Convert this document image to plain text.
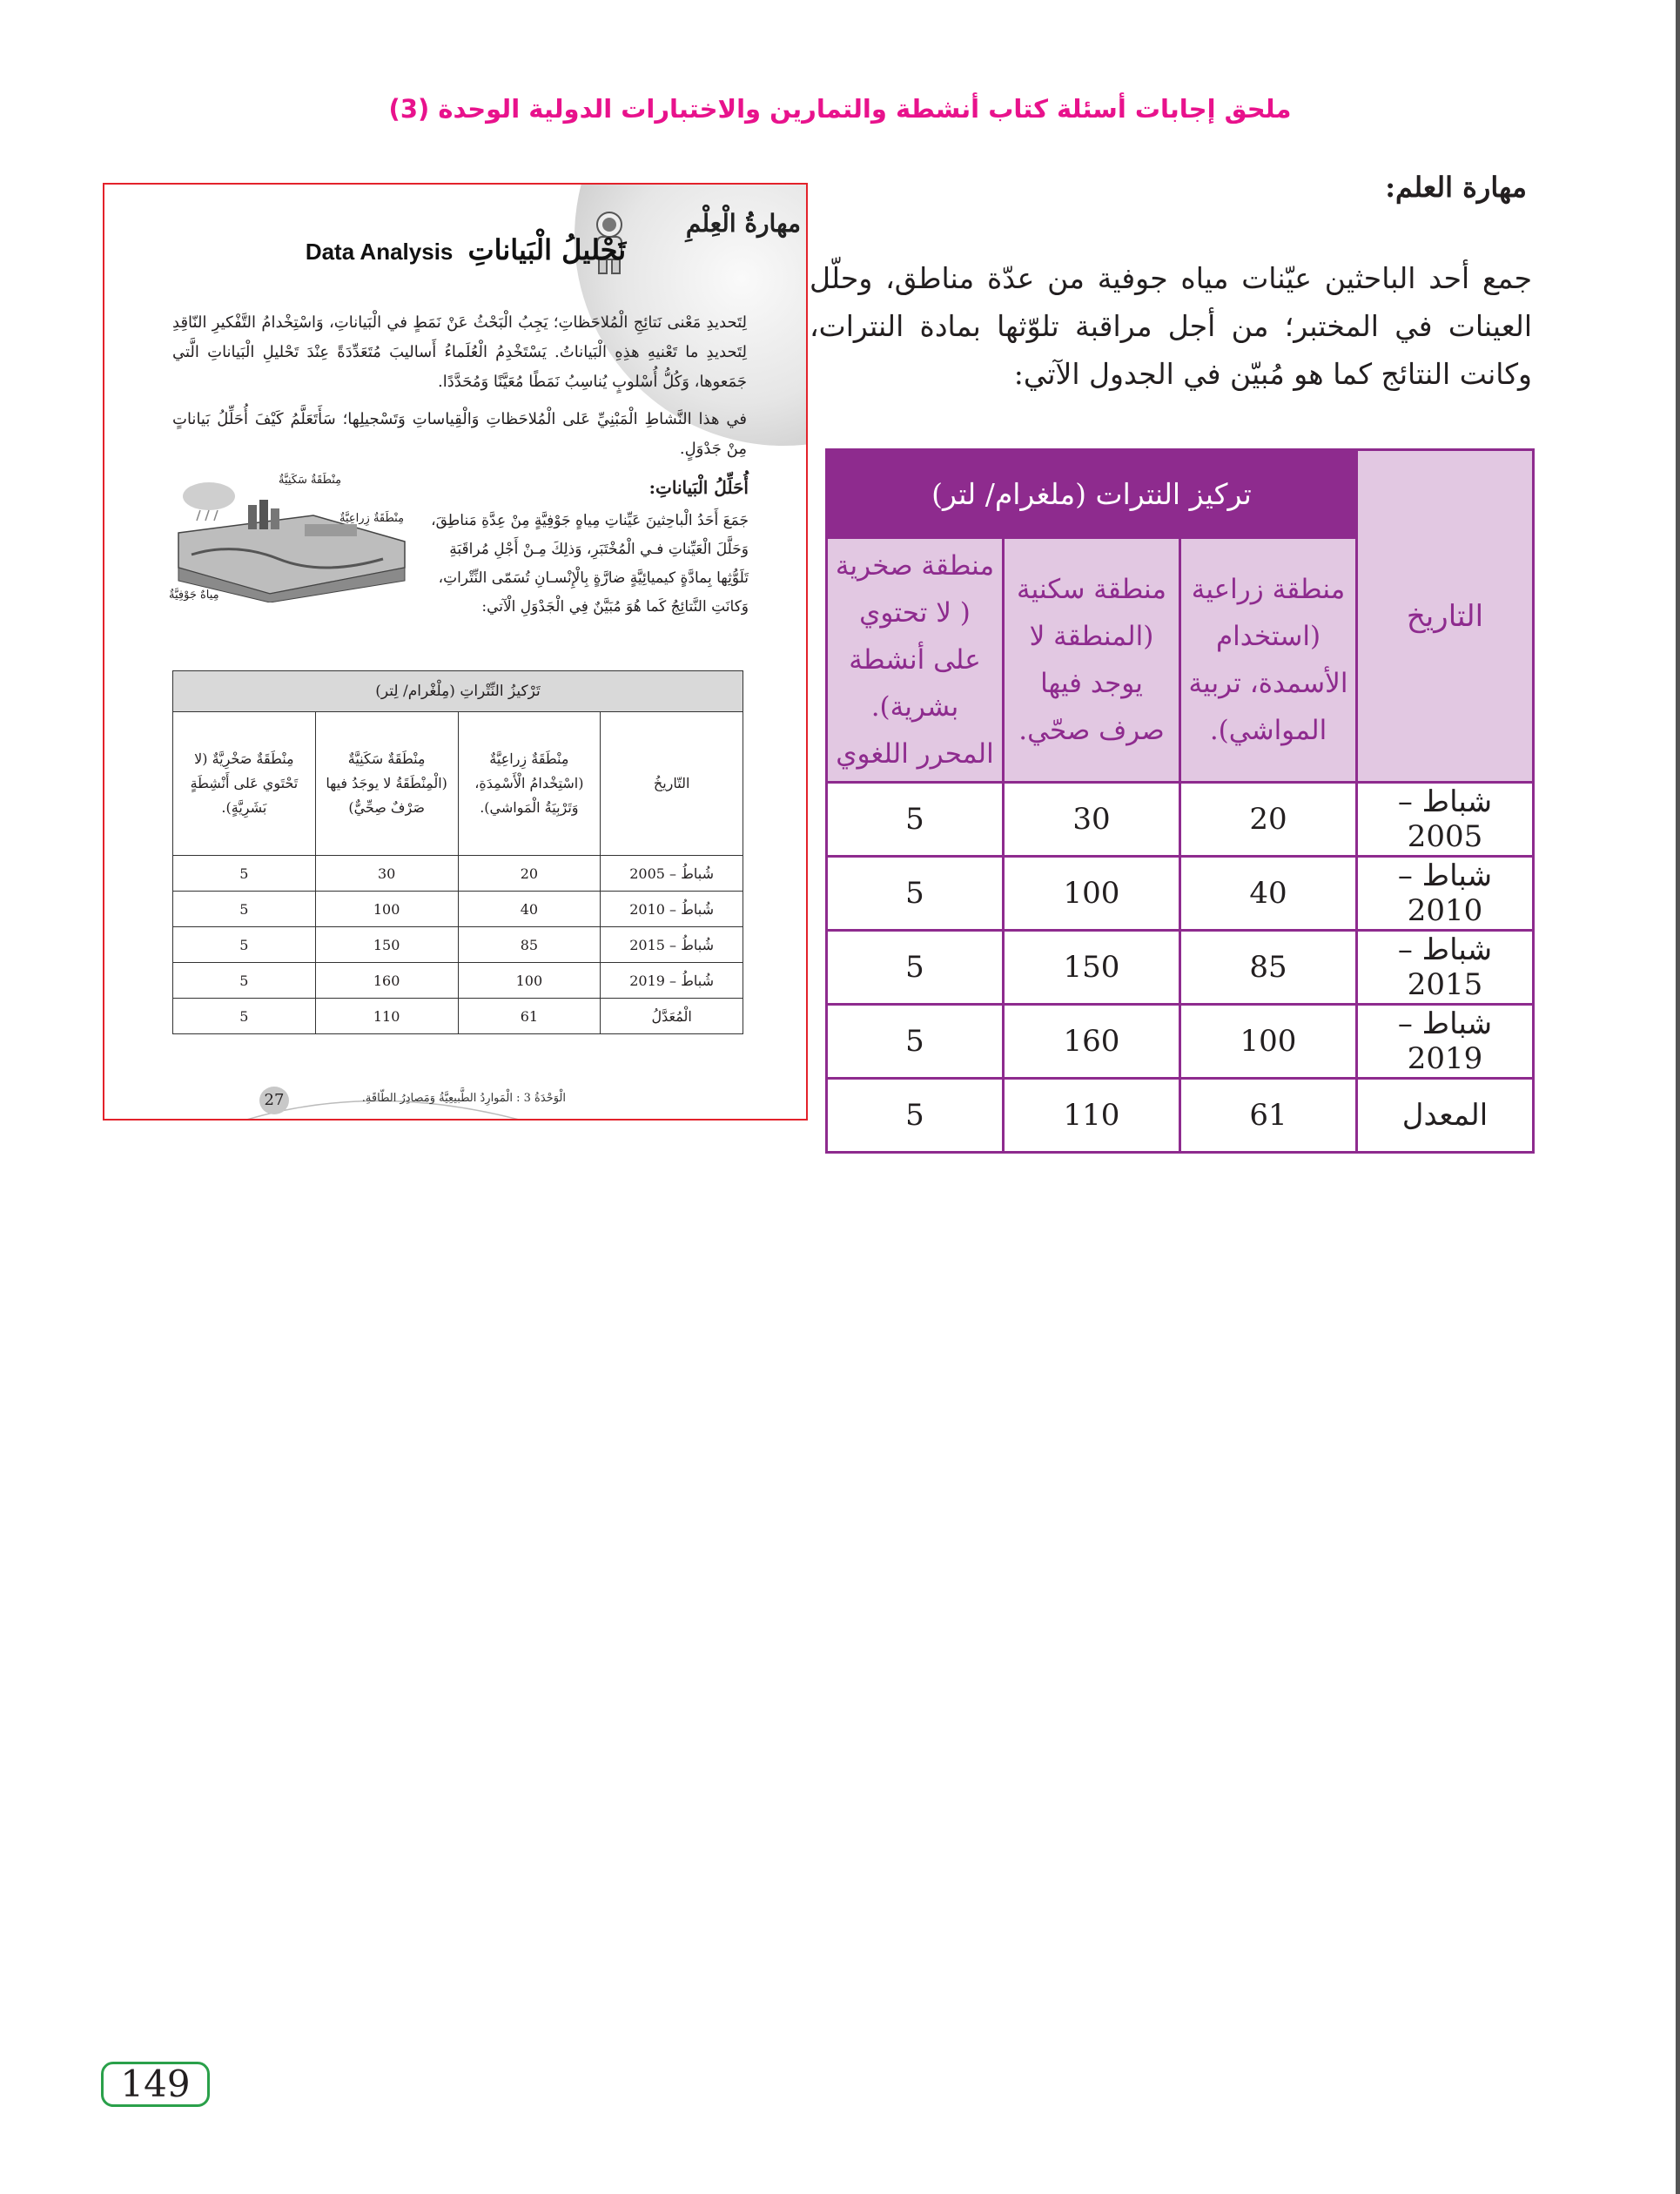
ملحق إجابات أسئلة كتاب أنشطة والتمارين والاختبارات الدولية الوحدة (3)
مهارة العلم:
جمع أحد الباحثين عيّنات مياه جوفية من عدّة مناطق، وحلّل العينات في المختبر؛ من أجل مراقبة تلوّثها بمادة النترات، وكانت النتائج كما هو مُبيّن في الجدول الآتي:
مهارةُ الْعِلْمِ
تَحْليلُ الْبَياناتِ Data Analysis
لِتَحديدِ مَعْنى نَتائِجِ الْمُلاحَظاتِ؛ يَجِبُ الْبَحْثُ عَنْ نَمَطٍ في الْبَياناتِ، وَاسْتِخْدامُ التَّفْكيرِ النّاقِدِ لِتَحديدِ ما تَعْنيهِ هذِهِ الْبَياناتُ. يَسْتَخْدِمُ الْعُلَماءُ أَساليبَ مُتَعَدِّدَةً عِنْدَ تَحْليلِ الْبَياناتِ الَّتي جَمَعوها، وَكُلُّ أُسْلوبٍ يُناسِبُ نَمَطًا مُعَيَّنًا وَمُحَدَّدًا.
في هذا النَّشاطِ الْمَبْنِيِّ عَلى الْمُلاحَظاتِ وَالْقِياساتِ وَتَسْجيلِها؛ سَأَتَعَلَّمُ كَيْفَ أُحَلِّلُ بَياناتٍ مِنْ جَدْوَلٍ.
أُحَلِّلُ الْبَياناتِ:
جَمَعَ أَحَدُ الْباحِثينَ عَيِّناتِ مِياهٍ جَوْفِيَّةٍ مِنْ عِدَّةِ مَناطِقَ، وَحَلَّلَ الْعَيِّناتِ فـي الْمُخْتَبَرِ، وَذلِكَ مِـنْ أَجْلِ مُراقَبَةِ تَلَوُّثِها بِمادَّةٍ كيميائِيَّةٍ ضارَّةٍ بِالْإِنْسـانِ تُسَمّى النِّتْراتِ، وَكانَتِ النَّتائِجُ كَما هُوَ مُبَيَّنٌ فِي الْجَدْوَلِ الْآتي:
مِنْطَقَةٌ سَكَنِيَّةٌ
مِنْطَقَةٌ زِراعِيَّةٌ
مِياهٌ جَوْفِيَّةٌ
تَرْكيزُ النِّتْراتِ (مِلْغْرام/ لِتر)			
التّاريخُ	مِنْطَقَةٌ زِراعِيَّةٌ (اسْتِخْدامُ الْأَسْمِدَةِ، وَتَرْبِيَةُ الْمَواشي).	مِنْطَقَةٌ سَكَنِيَّةٌ (الْمِنْطَقَةُ لا يوجَدُ فيها صَرْفٌ صِحِّيٌّ)	مِنْطَقَةٌ صَخْرِيَّةٌ (لا تَحْتَوي عَلى أَنْشِطَةٍ بَشَرِيَّةٍ).
شُباطُ – 2005	20	30	5
شُباطُ – 2010	40	100	5
شُباطُ – 2015	85	150	5
شُباطُ – 2019	100	160	5
الْمُعَدَّلُ	61	110	5
الْوَحْدَةُ 3 : الْمَوارِدُ الطَّبيعِيَّةُ وَمَصادِرُ الطّاقَةِ.
27
149
التاريخ	تركيز النترات (ملغرام/ لتر)		
	منطقة زراعية (استخدام الأسمدة، تربية المواشي).	منطقة سكنية (المنطقة لا يوجد فيها صرف صحّي.	منطقة صخرية ( لا تحتوي على أنشطة بشرية). المحرر اللغوي
شباط – 2005	20	30	5
شباط – 2010	40	100	5
شباط – 2015	85	150	5
شباط – 2019	100	160	5
المعدل	61	110	5
